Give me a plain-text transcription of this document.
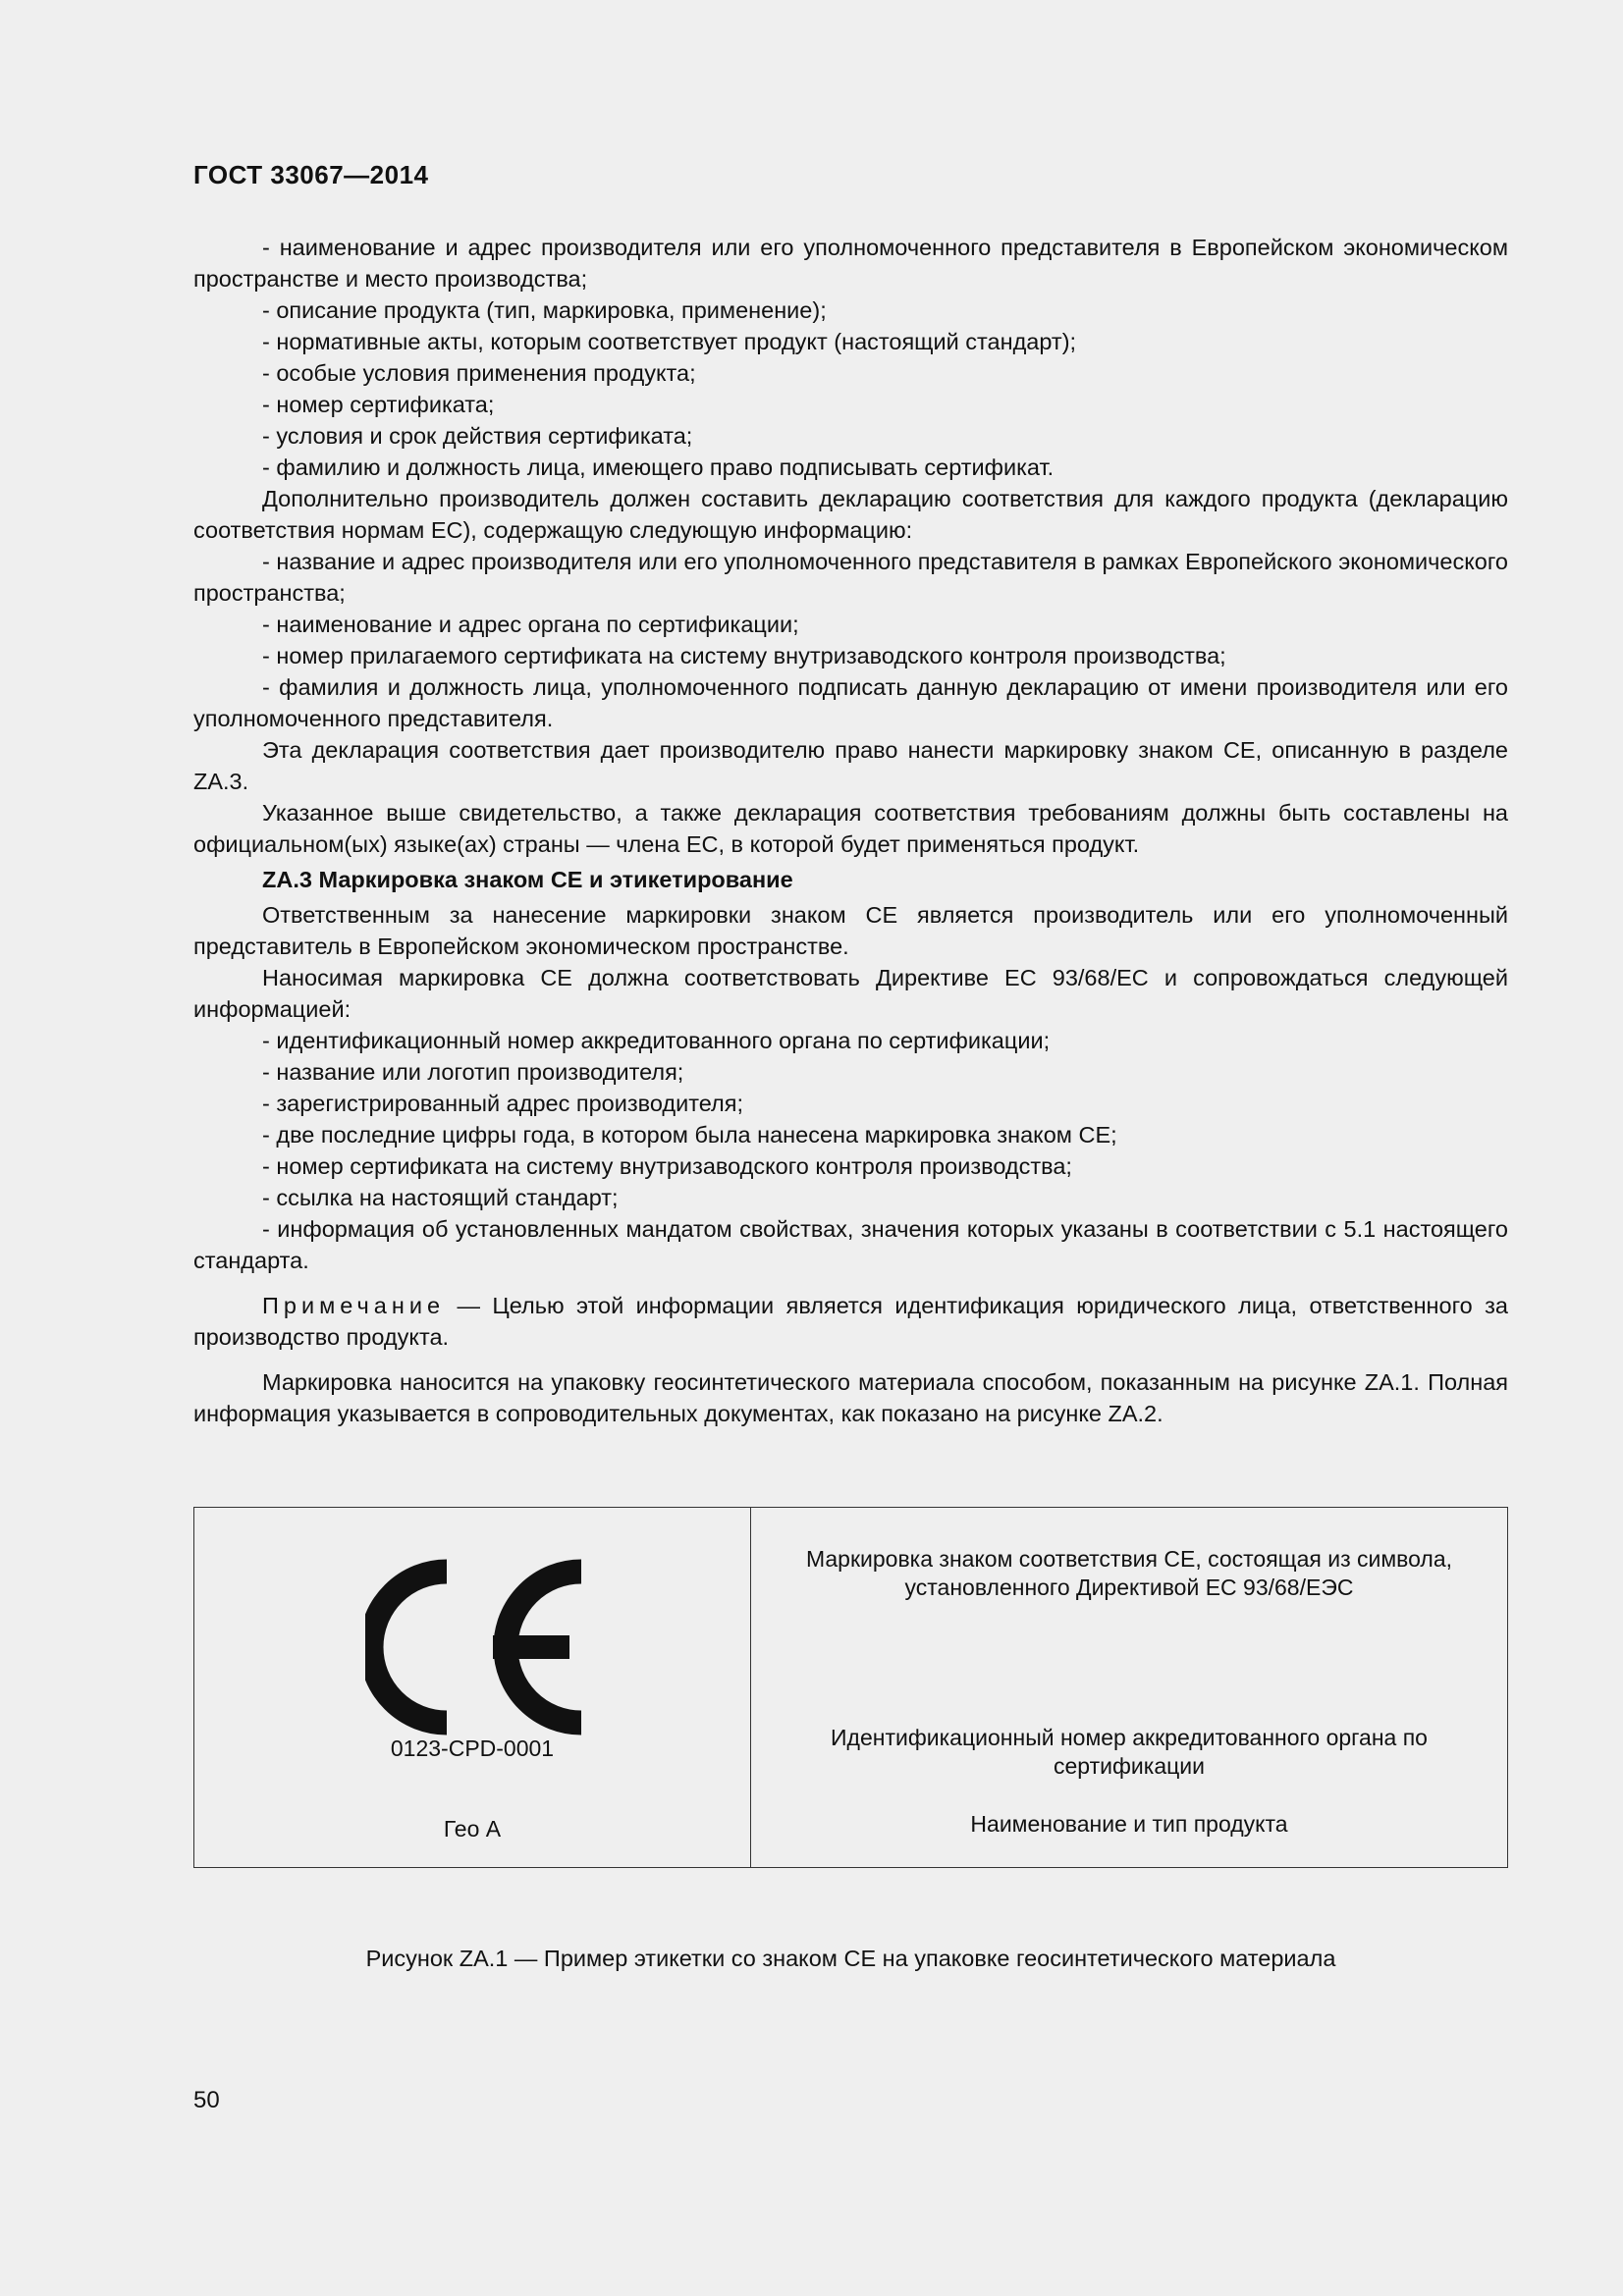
ГОСТ 33067—2014

- наименование и адрес производителя или его уполномоченного представителя в Европейском экономическом пространстве и место производства;

- описание продукта (тип, маркировка, применение);

- нормативные акты, которым соответствует продукт (настоящий стандарт);

- особые условия применения продукта;

- номер сертификата;

- условия и срок действия сертификата;

- фамилию и должность лица, имеющего право подписывать сертификат.

Дополнительно производитель должен составить декларацию соответствия для каждого продукта (декларацию соответствия нормам ЕС), содержащую следующую информацию:

- название и адрес производителя или его уполномоченного представителя в рамках Европейского экономического пространства;

- наименование и адрес органа по сертификации;

- номер прилагаемого сертификата на систему внутризаводского контроля производства;

- фамилия и должность лица, уполномоченного подписать данную декларацию от имени производителя или его уполномоченного представителя.

Эта декларация соответствия дает производителю право нанести маркировку знаком СЕ, описанную в разделе ZA.3.

Указанное выше свидетельство, а также декларация соответствия требованиям должны быть составлены на официальном(ых) языке(ах) страны — члена ЕС, в которой будет применяться продукт.

ZA.3 Маркировка знаком СЕ и этикетирование

Ответственным за нанесение маркировки знаком СЕ является производитель или его уполномоченный представитель в Европейском экономическом пространстве.

Наносимая маркировка СЕ должна соответствовать Директиве ЕС 93/68/ЕС и сопровождаться следующей информацией:

- идентификационный номер аккредитованного органа по сертификации;

- название или логотип производителя;

- зарегистрированный адрес производителя;

- две последние цифры года, в котором была нанесена маркировка знаком СЕ;

- номер сертификата на систему внутризаводского контроля производства;

- ссылка на настоящий стандарт;

- информация об установленных мандатом свойствах, значения которых указаны в соответствии с 5.1 настоящего стандарта.

Примечание — Целью этой информации является идентификация юридического лица, ответственного за производство продукта.

Маркировка наносится на упаковку геосинтетического материала способом, показанным на рисунке ZA.1. Полная информация указывается в сопроводительных документах, как показано на рисунке ZA.2.

0123-CPD-0001
Гео А
Маркировка знаком соответствия СЕ, состоящая из символа, установленного Директивой ЕС 93/68/ЕЭС
Идентификационный номер аккредитованного органа по сертификации
Наименование и тип продукта
Рисунок ZA.1 — Пример этикетки со знаком СЕ на упаковке геосинтетического материала
50
